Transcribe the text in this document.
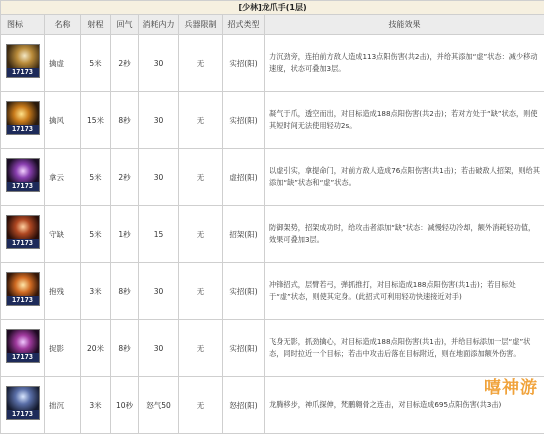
[少林]龙爪手(1层)							
图标	名称	射程	回气	消耗内力	兵器限制	招式类型	技能效果

17173	擒虚	5米	2秒	30	无	实招(阳)	力沉劲旁，连拍前方敌人造成113点阳伤害(共2击)，并给其添加“虚”状态：减少移动速度，状态可叠加3层。

17173	擒风	15米	8秒	30	无	实招(阳)	凝气于爪，透空而出，对目标造成188点阳伤害(共2击)；若对方处于“缺”状态，则使其短时间无法使用轻功2s。

17173	拿云	5米	2秒	30	无	虚招(阳)	以虚引实，拿提命门，对前方敌人造成76点阳伤害(共1击)；若击破敌人招架，则给其添加“缺”状态和“虚”状态。

17173	守缺	5米	1秒	15	无	招架(阳)	防御架势，招架成功时，给攻击者添加“缺”状态：减慢轻功冷却，额外消耗轻功值，效果可叠加3层。

17173	抱残	3米	8秒	30	无	实招(阳)	冲锋招式，层臂若弓，弹抓推打，对目标造成188点阳伤害(共1击)；若目标处于“虚”状态，则使其定身。(此招式可利用轻功快速接近对手)

17173	捉影	20米	8秒	30	无	实招(阳)	飞身无影，抓劲擒心，对目标造成188点阳伤害(共1击)，并给目标添加一层“虚”状态，同时拉近一个目标；若击中攻击后落在目标附近，则在地面添加额外伤害。

17173	拙沉	3米	10秒	怒气50	无	怒招(阳)	龙腾移步，神爪探伸，梵鹏翱骨之连击，对目标造成695点阳伤害(共3击)
嘻神游
